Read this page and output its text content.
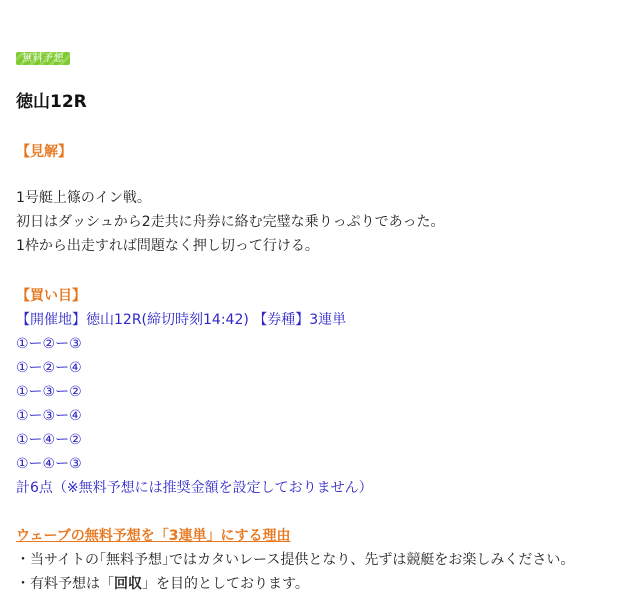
無料予想
徳山12R
【見解】
1号艇上篠のイン戦。
初日はダッシュから2走共に舟券に絡む完璧な乗りっぷりであった。
1枠から出走すれば問題なく押し切って行ける。
【買い目】
【開催地】徳山12R(締切時刻14:42) 【券種】3連単
①ー②ー③
①ー②ー④
①ー③ー②
①ー③ー④
①ー④ー②
①ー④ー③
計6点（※無料予想には推奨金額を設定しておりません）
ウェーブの無料予想を「3連単」にする理由
・当サイトの｢無料予想｣ではカタいレース提供となり、先ずは競艇をお楽しみください。
・有料予想は「回収」を目的としております。
